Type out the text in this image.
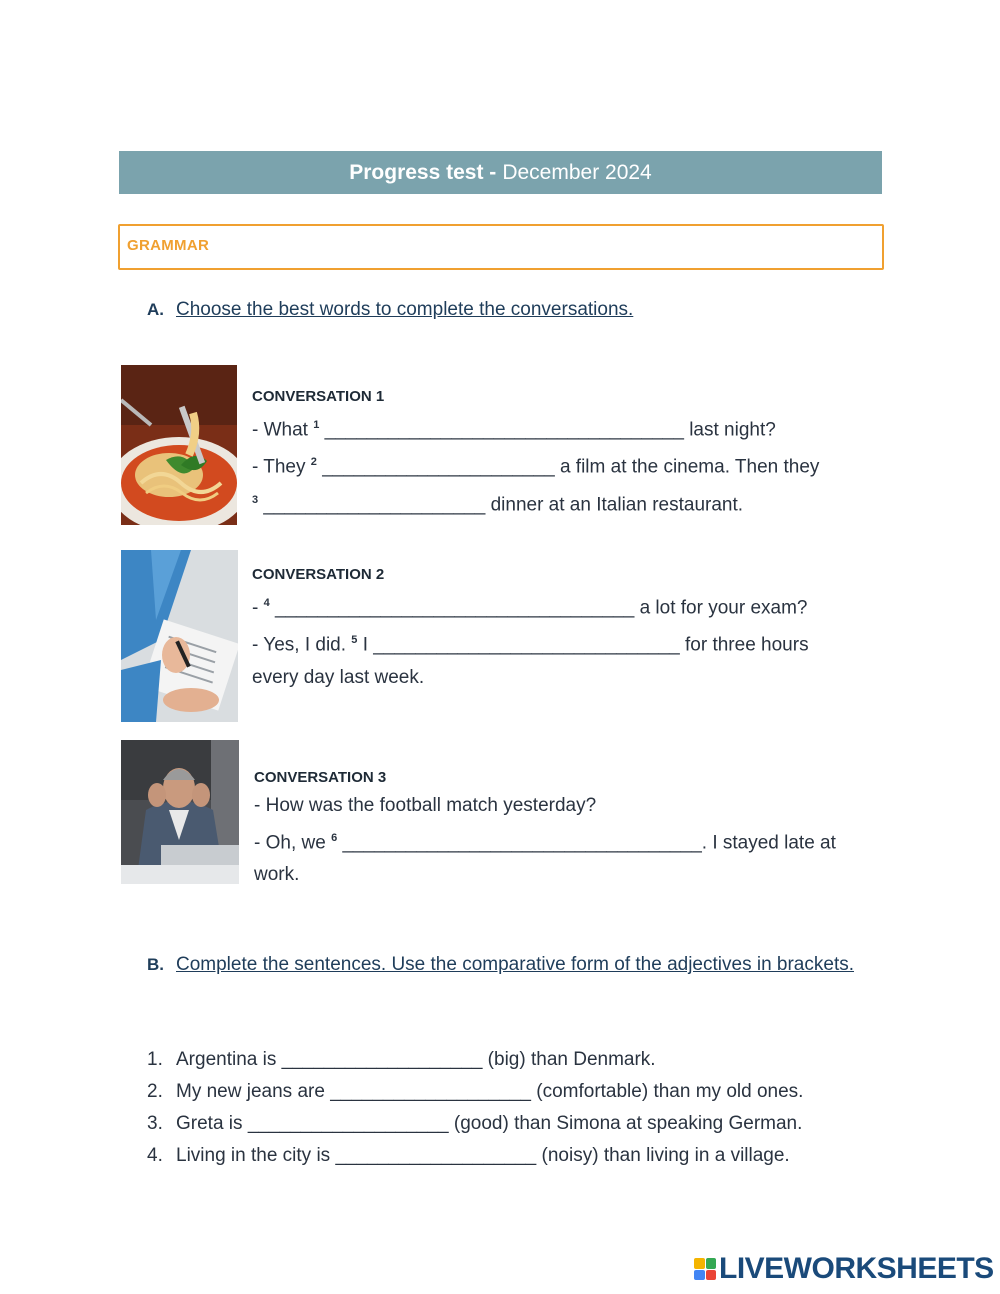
Progress test - December 2024
GRAMMAR
A. Choose the best words to complete the conversations.
CONVERSATION 1
- What $^1$ __________________________________ last night?
- They $^2$ ______________________ a film at the cinema. Then they
$^3$ _____________________ dinner at an Italian restaurant.
CONVERSATION 2
- $^4$ __________________________________ a lot for your exam?
- Yes, I did. $^5$ I _____________________________ for three hours
every day last week.
CONVERSATION 3
- How was the football match yesterday?
- Oh, we $^6$ __________________________________. I stayed late at
work.
B. Complete the sentences. Use the comparative form of the adjectives in brackets.
1. Argentina is ___________________ (big) than Denmark.
2. My new jeans are ___________________ (comfortable) than my old ones.
3. Greta is ___________________ (good) than Simona at speaking German.
4. Living in the city is ___________________ (noisy) than living in a village.
LIVEWORKSHEETS
